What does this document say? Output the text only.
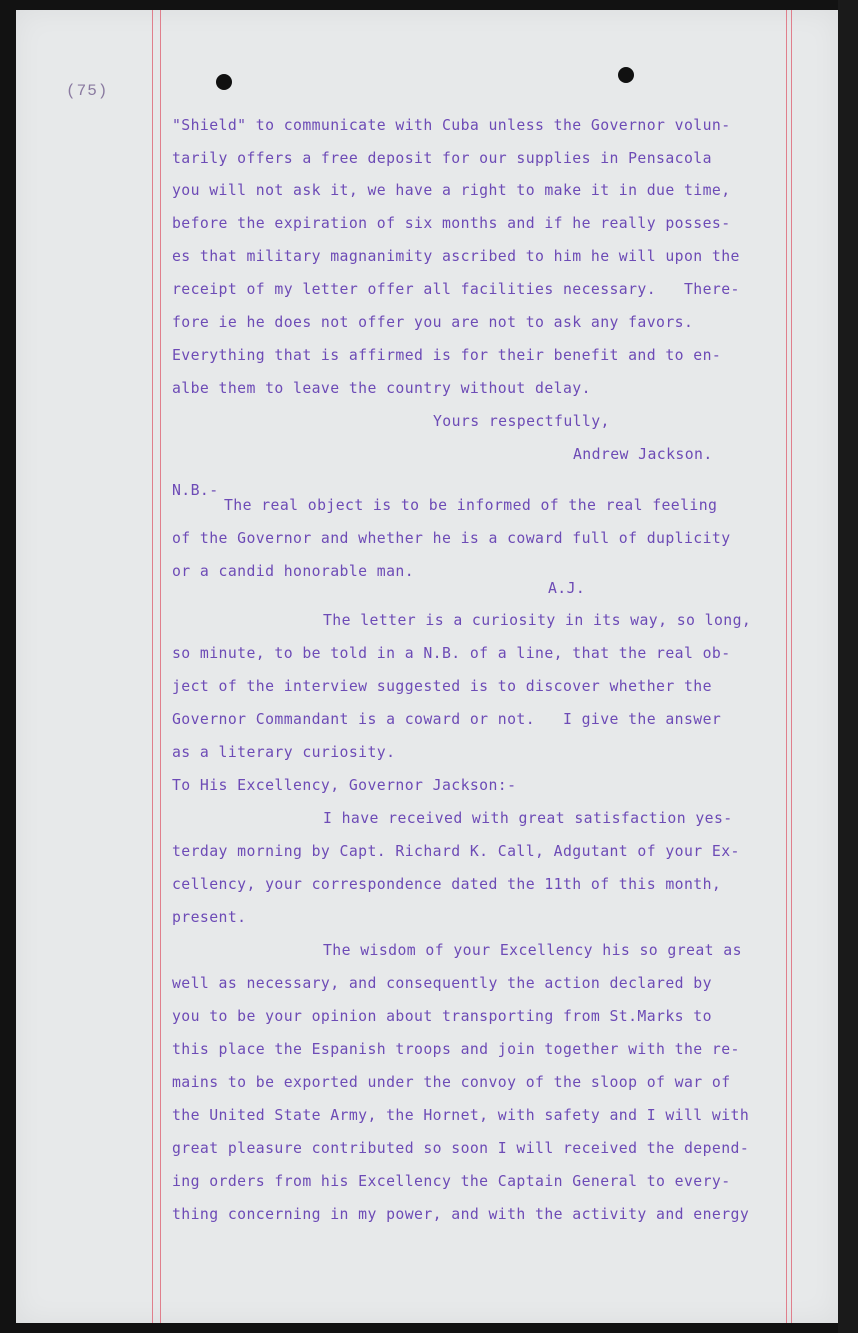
(75)
"Shield" to communicate with Cuba unless the Governor volun-
tarily offers a free deposit for our supplies in Pensacola
you will not ask it, we have a right to make it in due time,
before the expiration of six months and if he really posses-
es that military magnanimity ascribed to him he will upon the
receipt of my letter offer all facilities necessary.   There-
fore ie he does not offer you are not to ask any favors.
Everything that is affirmed is for their benefit and to en-
albe them to leave the country without delay.
Yours respectfully,
Andrew Jackson.
N.B.-
The real object is to be informed of the real feeling
of the Governor and whether he is a coward full of duplicity
or a candid honorable man.
A.J.
The letter is a curiosity in its way, so long,
so minute, to be told in a N.B. of a line, that the real ob-
ject of the interview suggested is to discover whether the
Governor Commandant is a coward or not.   I give the answer
as a literary curiosity.
To His Excellency, Governor Jackson:-
I have received with great satisfaction yes-
terday morning by Capt. Richard K. Call, Adgutant of your Ex-
cellency, your correspondence dated the 11th of this month,
present.
The wisdom of your Excellency his so great as
well as necessary, and consequently the action declared by
you to be your opinion about transporting from St.Marks to
this place the Espanish troops and join together with the re-
mains to be exported under the convoy of the sloop of war of
the United State Army, the Hornet, with safety and I will with
great pleasure contributed so soon I will received the depend-
ing orders from his Excellency the Captain General to every-
thing concerning in my power, and with the activity and energy
